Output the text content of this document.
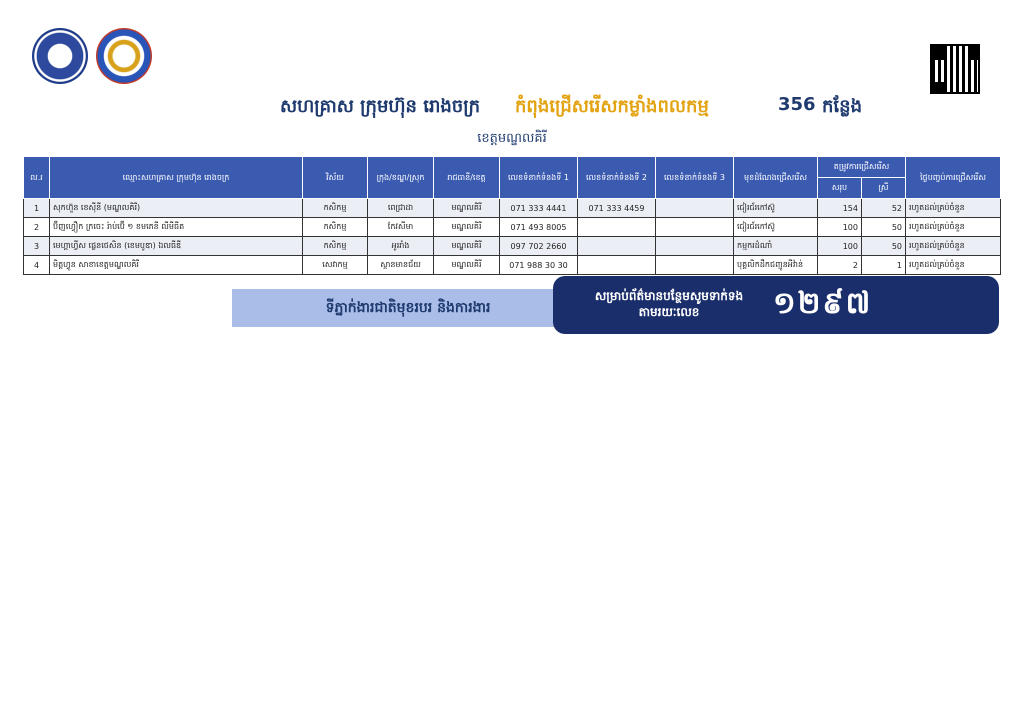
សហគ្រាស ក្រុមហ៊ុន រោងចក្រ កំពុងជ្រើសរើសកម្លាំងពលកម្ម	356 កន្លែង
ខេត្តមណ្ឌលគិរី
ល.រ	ឈ្មោះសហគ្រាស ក្រុមហ៊ុន រោងចក្រ	វិស័យ	ក្រុង/ខណ្ឌ/ស្រុក	រាជធានី/ខេត្ត	លេខទំនាក់ទំនងទី 1	លេខទំនាក់ទំនងទី 2	លេខទំនាក់ទំនងទី 3	មុខដំណែងជ្រើសរើស	តម្រូវការជ្រើសរើស		ថ្ងៃបញ្ចប់ការជ្រើសរើស
									សរុប	ស្រី	
1	សុកហ៊ួន ខេស៊ីនី (មណ្ឌលគិរី)	កសិកម្ម	ពេជ្រាដា	មណ្ឌលគិរី	071 333 4441	071 333 4459		ជៀរជ័រកៅស៊ូ	154	52	រហូតដល់គ្រប់ចំនួន
2	ប៊ីញហ្វឿក ក្រចេះ រ៉ាប់ប៊ើ ១ ខមភេនី លីមីធីត	កសិកម្ម	កែវសីមា	មណ្ឌលគិរី	071 493 8005			ជៀរជ័រកៅស៊ូ	100	50	រហូតដល់គ្រប់ចំនួន
3	មេហ្គាហ្វីស ផ្លេនថេសិន (ខេមបូឌា) ឯលធីឌី	កសិកម្ម	អូររាំង	មណ្ឌលគិរី	097 702 2660			កម្មករដំណាំ	100	50	រហូតដល់គ្រប់ចំនួន
4	មិត្តហ្វូន សាខាខេត្តមណ្ឌលគិរី	សេវាកម្ម	ស្ថានមានជ័យ	មណ្ឌលគិរី	071 988 30 30			បុគ្គលិកដឹកជញ្ជូនអីវ៉ាន់	2	1	រហូតដល់គ្រប់ចំនួន
ទីភ្នាក់ងារជាតិមុខរបរ និងការងារ
សម្រាប់ព័ត៌មានបន្ថែមសូមទាក់ទងតាមរយៈលេខ	១២៩៧
